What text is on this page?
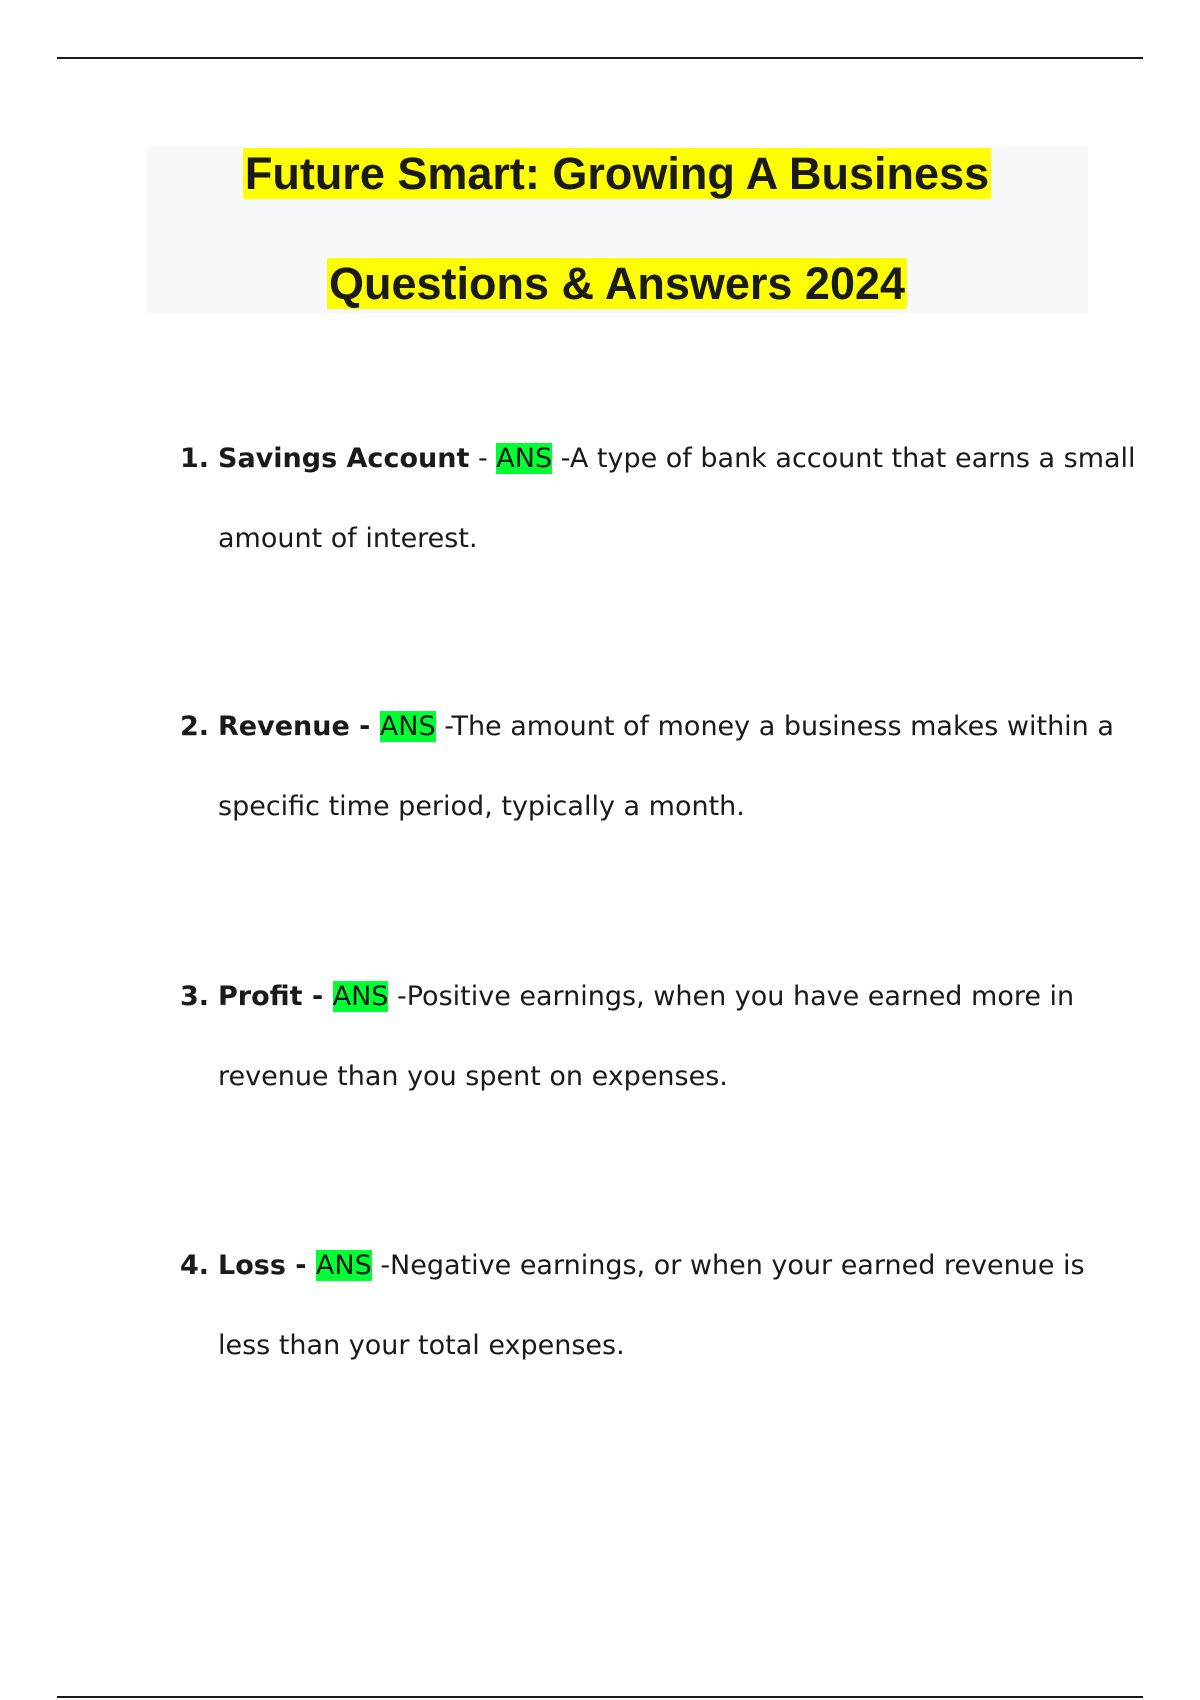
Future Smart: Growing A Business
Questions & Answers 2024
1. Savings Account - ANS -A type of bank account that earns a small
amount of interest.
2. Revenue - ANS -The amount of money a business makes within a
specific time period, typically a month.
3. Profit - ANS -Positive earnings, when you have earned more in
revenue than you spent on expenses.
4. Loss - ANS -Negative earnings, or when your earned revenue is
less than your total expenses.
